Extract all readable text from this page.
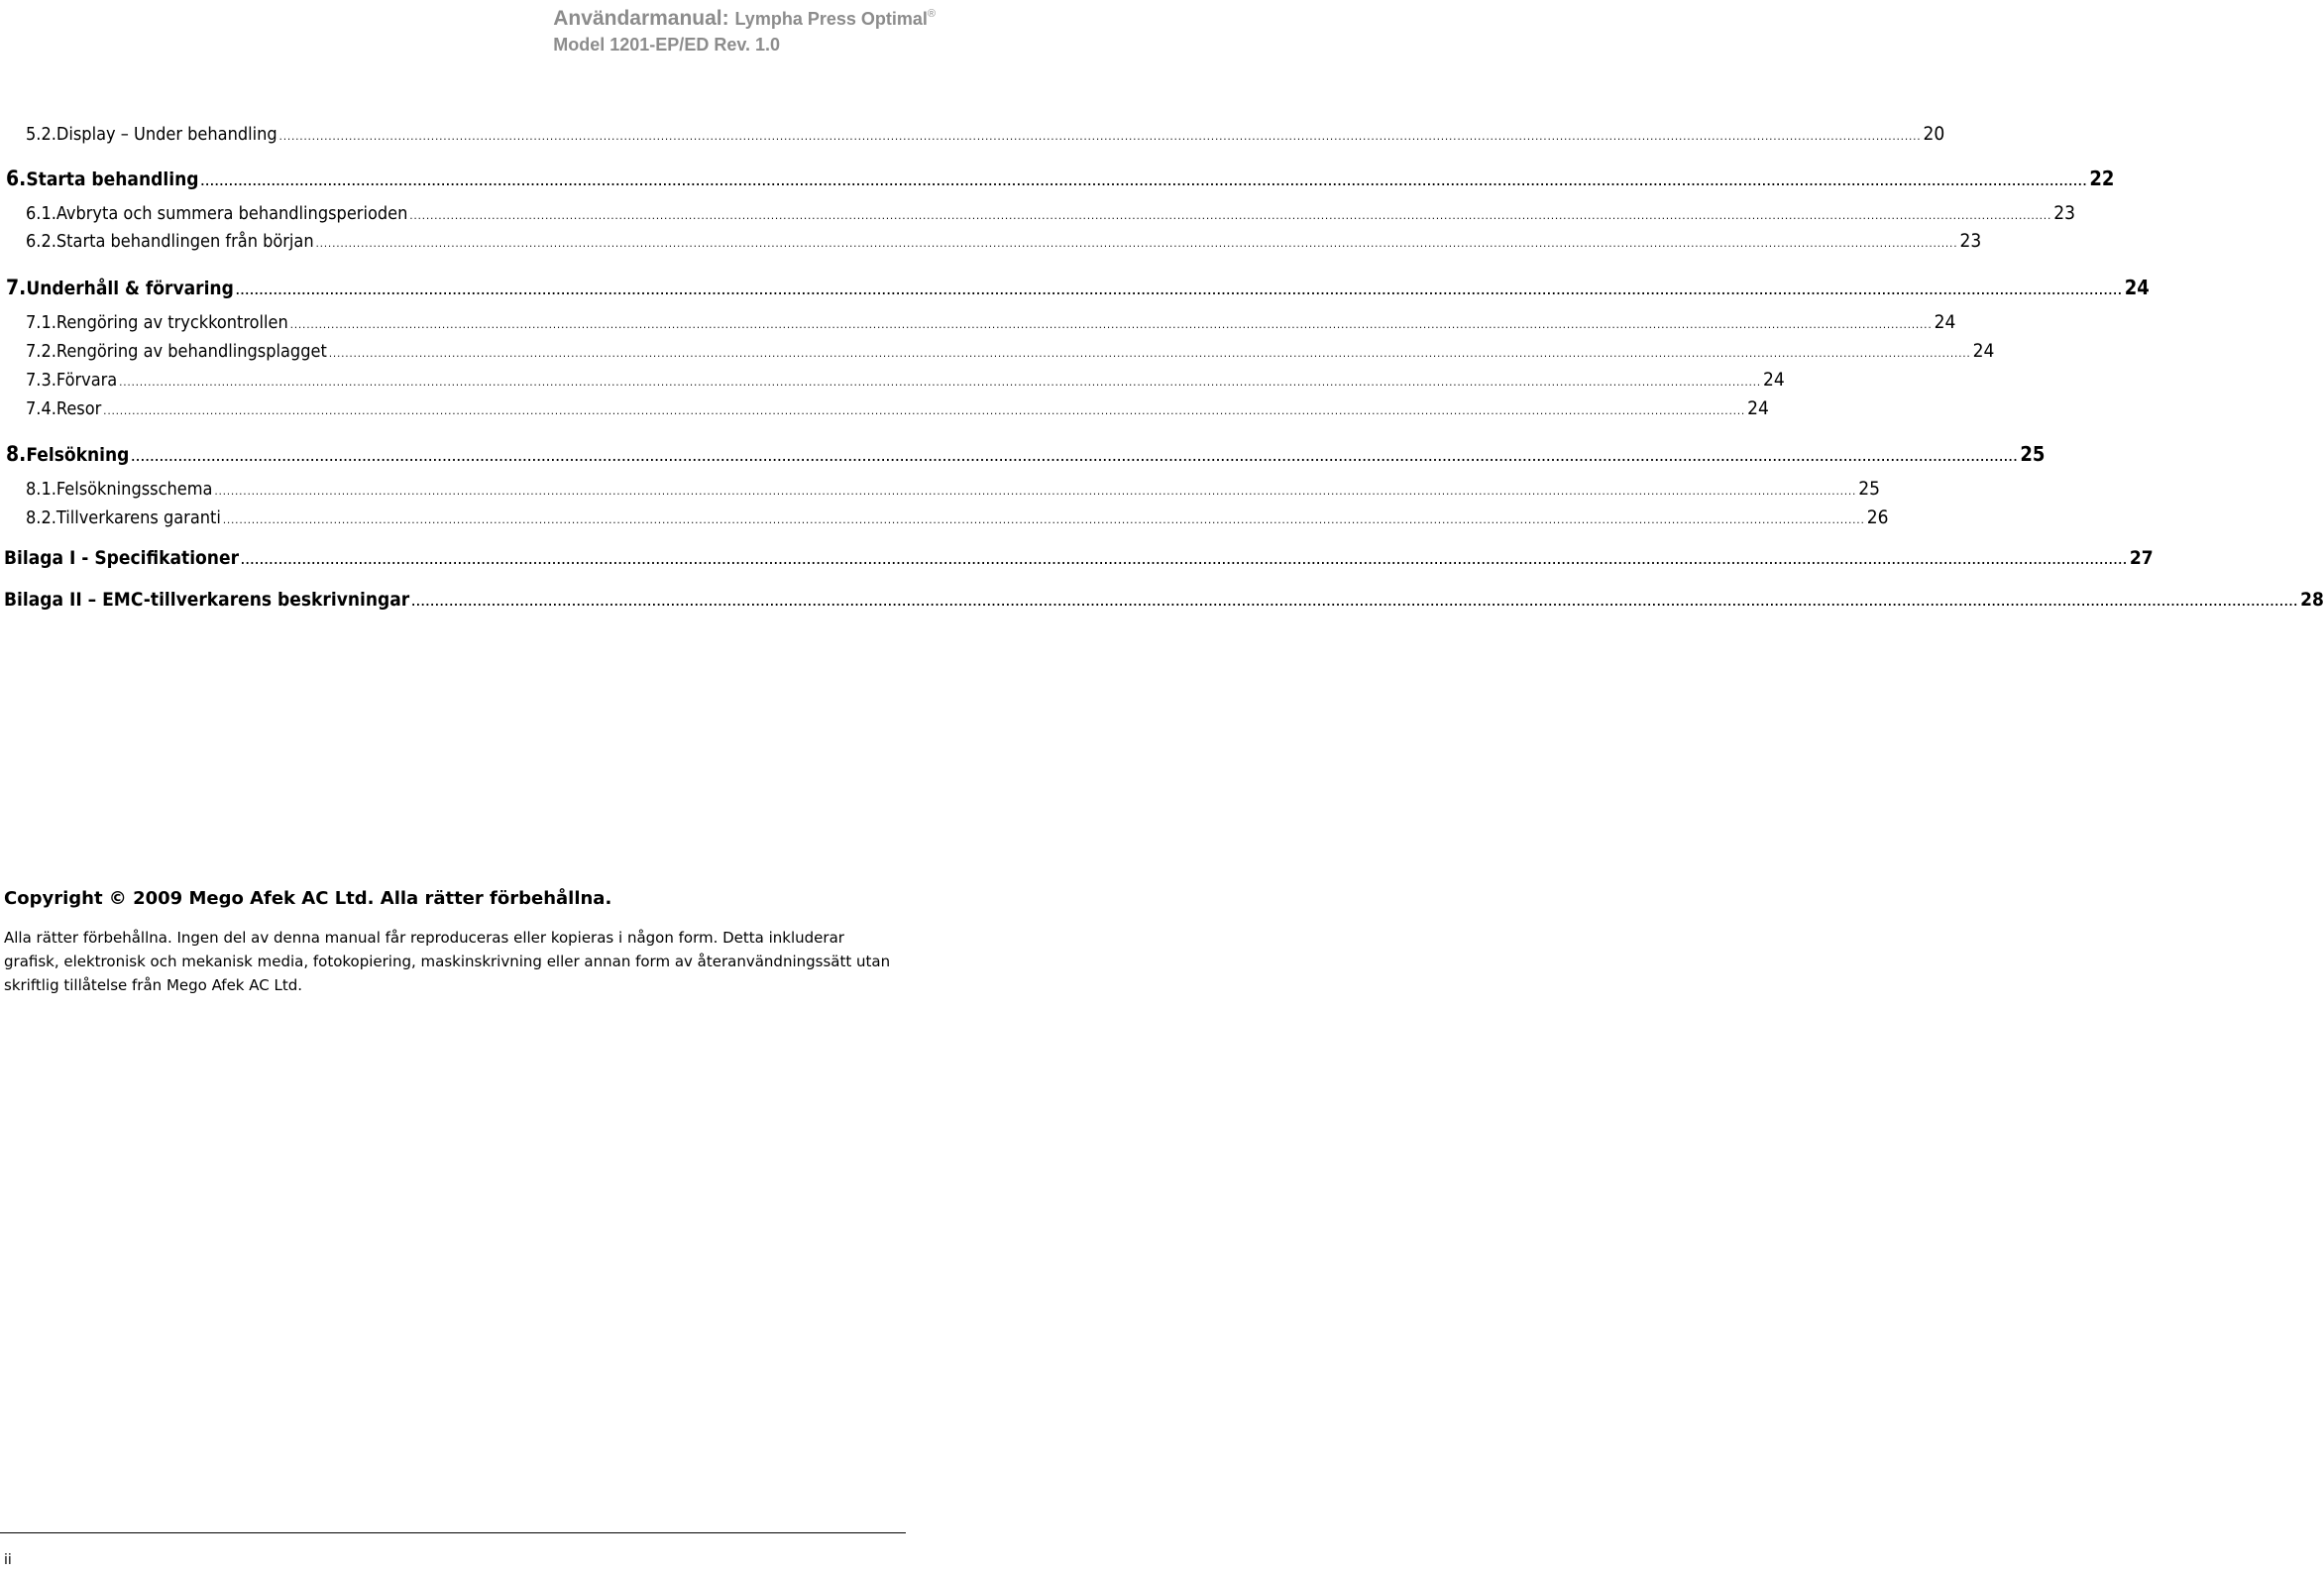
Användarmanual: Lympha Press Optimal®
Model 1201-EP/ED Rev. 1.0
5.2. Display – Under behandling ................................................................................................................................................................................................................................................................................................................................................................................................................ 20
6. Starta behandling ................................................................................................................................................................................................................................................................................................................................................................................................................ 22
6.1. Avbryta och summera behandlingsperioden ................................................................................................................................................................................................................................................................................................................................................................................................................ 23
6.2. Starta behandlingen från början ................................................................................................................................................................................................................................................................................................................................................................................................................ 23
7. Underhåll & förvaring ................................................................................................................................................................................................................................................................................................................................................................................................................ 24
7.1. Rengöring av tryckkontrollen ................................................................................................................................................................................................................................................................................................................................................................................................................ 24
7.2. Rengöring av behandlingsplagget ................................................................................................................................................................................................................................................................................................................................................................................................................ 24
7.3. Förvara ................................................................................................................................................................................................................................................................................................................................................................................................................ 24
7.4. Resor ................................................................................................................................................................................................................................................................................................................................................................................................................ 24
8. Felsökning ................................................................................................................................................................................................................................................................................................................................................................................................................ 25
8.1. Felsökningsschema ................................................................................................................................................................................................................................................................................................................................................................................................................ 25
8.2. Tillverkarens garanti ................................................................................................................................................................................................................................................................................................................................................................................................................ 26
Bilaga I - Specifikationer ................................................................................................................................................................................................................................................................................................................................................................................................................ 27
Bilaga II – EMC-tillverkarens beskrivningar ................................................................................................................................................................................................................................................................................................................................................................................................................ 28
Copyright © 2009 Mego Afek AC Ltd. Alla rätter förbehållna.
Alla rätter förbehållna. Ingen del av denna manual får reproduceras eller kopieras i någon form. Detta inkluderar grafisk, elektronisk och mekanisk media, fotokopiering, maskinskrivning eller annan form av återanvändningssätt utan skriftlig tillåtelse från Mego Afek AC Ltd.
ii
